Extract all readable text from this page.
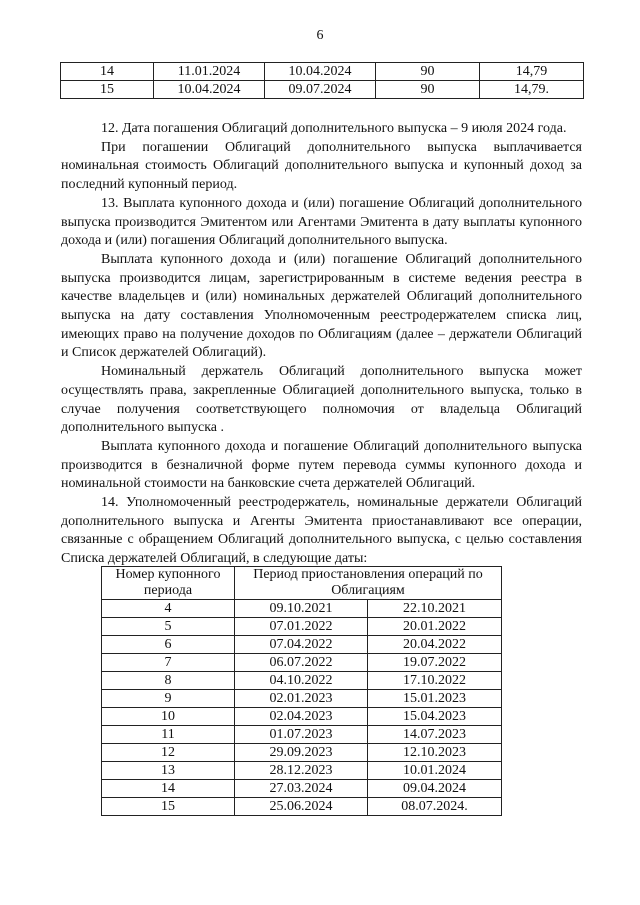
6
14	11.01.2024	10.04.2024	90	14,79
15	10.04.2024	09.07.2024	90	14,79.

12. Дата погашения Облигаций дополнительного выпуска – 9 июля 2024 года.

При погашении Облигаций дополнительного выпуска выплачивается номинальная стоимость Облигаций дополнительного выпуска и купонный доход за последний купонный период.

13. Выплата купонного дохода и (или) погашение Облигаций дополнительного выпуска производится Эмитентом или Агентами Эмитента в дату выплаты купонного дохода и (или) погашения Облигаций дополнительного выпуска.

Выплата купонного дохода и (или) погашение Облигаций дополнительного выпуска производится лицам, зарегистрированным в системе ведения реестра в качестве владельцев и (или) номинальных держателей Облигаций дополнительного выпуска на дату составления Уполномоченным реестродержателем списка лиц, имеющих право на получение доходов по Облигациям (далее – держатели Облигаций и Список держателей Облигаций).

Номинальный держатель Облигаций дополнительного выпуска может осуществлять права, закрепленные Облигацией дополнительного выпуска, только в случае получения соответствующего полномочия от владельца Облигаций дополнительного выпуска .

Выплата купонного дохода и погашение Облигаций дополнительного выпуска производится в безналичной форме путем перевода суммы купонного дохода и номинальной стоимости на банковские счета держателей Облигаций.

14. Уполномоченный реестродержатель, номинальные держатели Облигаций дополнительного выпуска и Агенты Эмитента приостанавливают все операции, связанные с обращением Облигаций дополнительного выпуска, с целью составления Списка держателей Облигаций, в следующие даты:

Номер купонного периода	Период приостановления операций по Облигациям	

4	09.10.2021	22.10.2021
5	07.01.2022	20.01.2022
6	07.04.2022	20.04.2022
7	06.07.2022	19.07.2022
8	04.10.2022	17.10.2022
9	02.01.2023	15.01.2023
10	02.04.2023	15.04.2023
11	01.07.2023	14.07.2023
12	29.09.2023	12.10.2023
13	28.12.2023	10.01.2024
14	27.03.2024	09.04.2024
15	25.06.2024	08.07.2024.
